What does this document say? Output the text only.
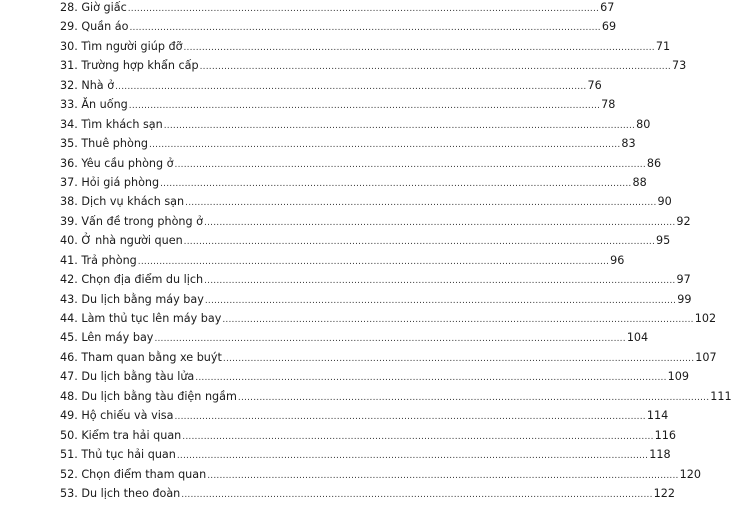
28. Giờ giấc .....	67
29. Quần áo .....	69
30. Tìm người giúp đỡ .....	71
31. Trường hợp khẩn cấp .....	73
32. Nhà ở .....	76
33. Ăn uống .....	78
34. Tìm khách sạn .....	80
35. Thuê phòng .....	83
36. Yêu cầu phòng ở .....	86
37. Hỏi giá phòng .....	88
38. Dịch vụ khách sạn .....	90
39. Vấn đề trong phòng ở .....	92
40. Ở nhà người quen .....	95
41. Trả phòng .....	96
42. Chọn địa điểm du lịch .....	97
43. Du lịch bằng máy bay .....	99
44. Làm thủ tục lên máy bay .....	102
45. Lên máy bay .....	104
46. Tham quan bằng xe buýt .....	107
47. Du lịch bằng tàu lửa .....	109
48. Du lịch bằng tàu điện ngầm .....	111
49. Hộ chiếu và visa .....	114
50. Kiểm tra hải quan .....	116
51. Thủ tục hải quan .....	118
52. Chọn điểm tham quan .....	120
53. Du lịch theo đoàn .....	122
